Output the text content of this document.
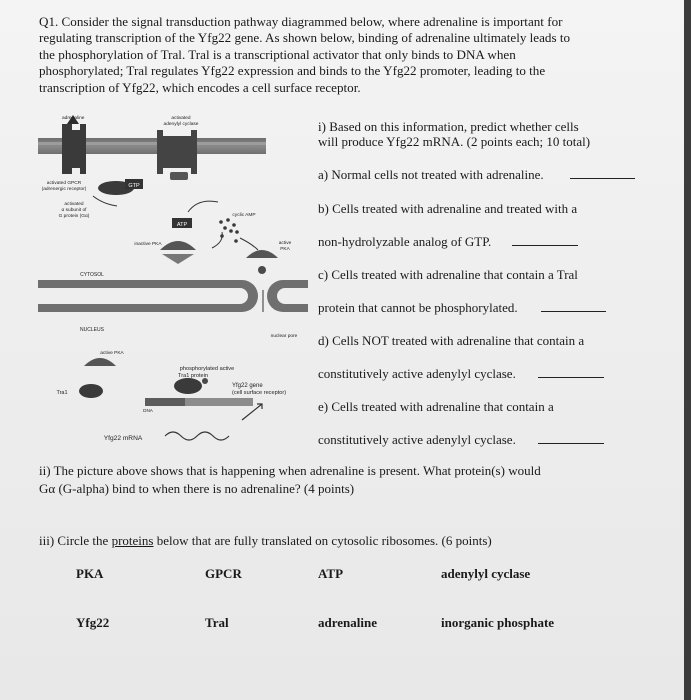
Q1. Consider the signal transduction pathway diagrammed below, where adrenaline is important for
regulating transcription of the Yfg22 gene. As shown below, binding of adrenaline ultimately leads to
the phosphorylation of Tral. Tral is a transcriptional activator that only binds to DNA when
phosphorylated; Tral regulates Yfg22 expression and binds to the Yfg22 promoter, leading to the
transcription of Yfg22, which encodes a cell surface receptor.
GTP
ATP
adrenaline	activated
adenylyl cyclase
activated GPCR
(adrenergic receptor)
activated
α subunit of
G protein (Gα)	cyclic AMP
inactive PKA	active
PKA
CYTOSOL
nuclear pore
NUCLEUS
active PKA
Tra1
phosphorylated active
Tra1 protein
DNA
Yfg22 gene
(cell surface receptor)
Yfg22 mRNA
i) Based on this information, predict whether cells
will produce Yfg22 mRNA. (2 points each; 10 total)
a) Normal cells not treated with adrenaline.
b) Cells treated with adrenaline and treated with a
non-hydrolyzable analog of GTP.
c) Cells treated with adrenaline that contain a Tral
protein that cannot be phosphorylated.
d) Cells NOT treated with adrenaline that contain a
constitutively active adenylyl cyclase.
e) Cells treated with adrenaline that contain a
constitutively active adenylyl cyclase.
ii) The picture above shows that is happening when adrenaline is present. What protein(s) would
Gα (G-alpha) bind to when there is no adrenaline? (4 points)
iii) Circle the proteins below that are fully translated on cytosolic ribosomes. (6 points)
PKA	GPCR	ATP	adenylyl cyclase
Yfg22	Tral	adrenaline	inorganic phosphate
